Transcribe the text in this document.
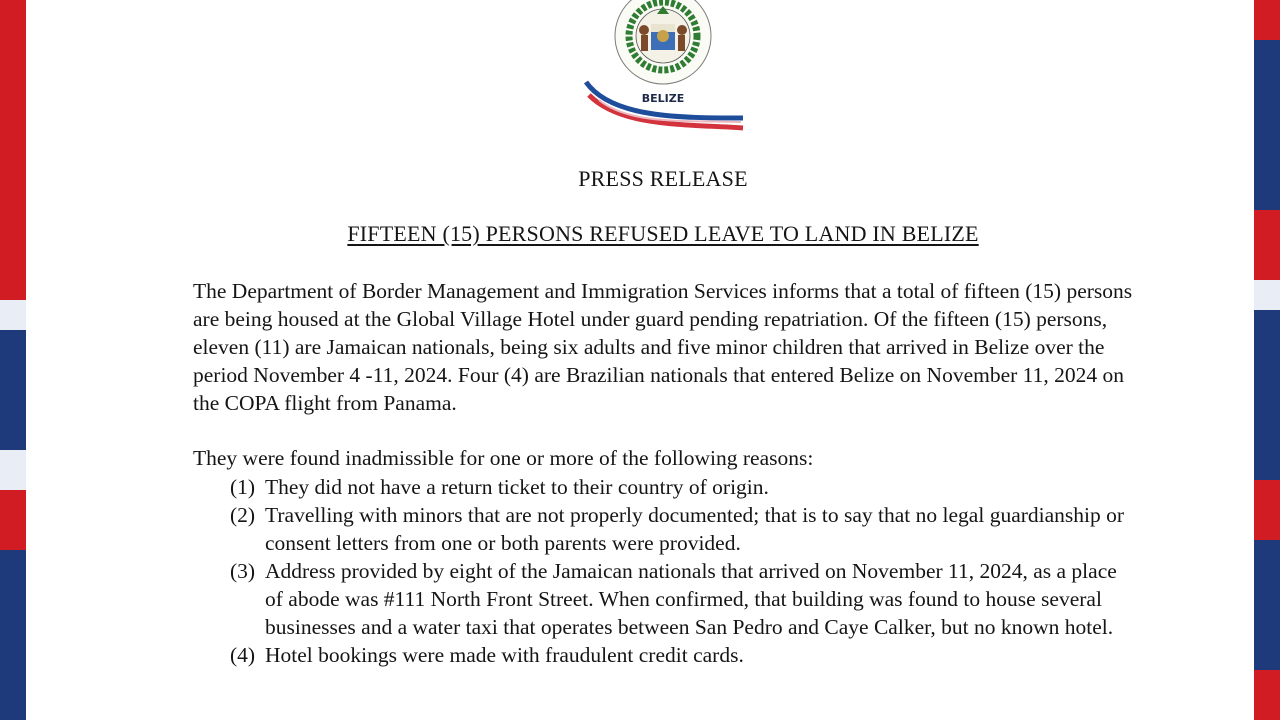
BELIZE
PRESS RELEASE
FIFTEEN (15) PERSONS REFUSED LEAVE TO LAND IN BELIZE
The Department of Border Management and Immigration Services informs that a total of fifteen (15) persons are being housed at the Global Village Hotel under guard pending repatriation. Of the fifteen (15) persons, eleven (11) are Jamaican nationals, being six adults and five minor children that arrived in Belize over the period November 4 -11, 2024. Four (4) are Brazilian nationals that entered Belize on November 11, 2024 on the COPA flight from Panama.
They were found inadmissible for one or more of the following reasons:
(1) They did not have a return ticket to their country of origin.
(2) Travelling with minors that are not properly documented; that is to say that no legal guardianship or consent letters from one or both parents were provided.
(3) Address provided by eight of the Jamaican nationals that arrived on November 11, 2024, as a place of abode was #111 North Front Street. When confirmed, that building was found to house several businesses and a water taxi that operates between San Pedro and Caye Calker, but no known hotel.
(4) Hotel bookings were made with fraudulent credit cards.
